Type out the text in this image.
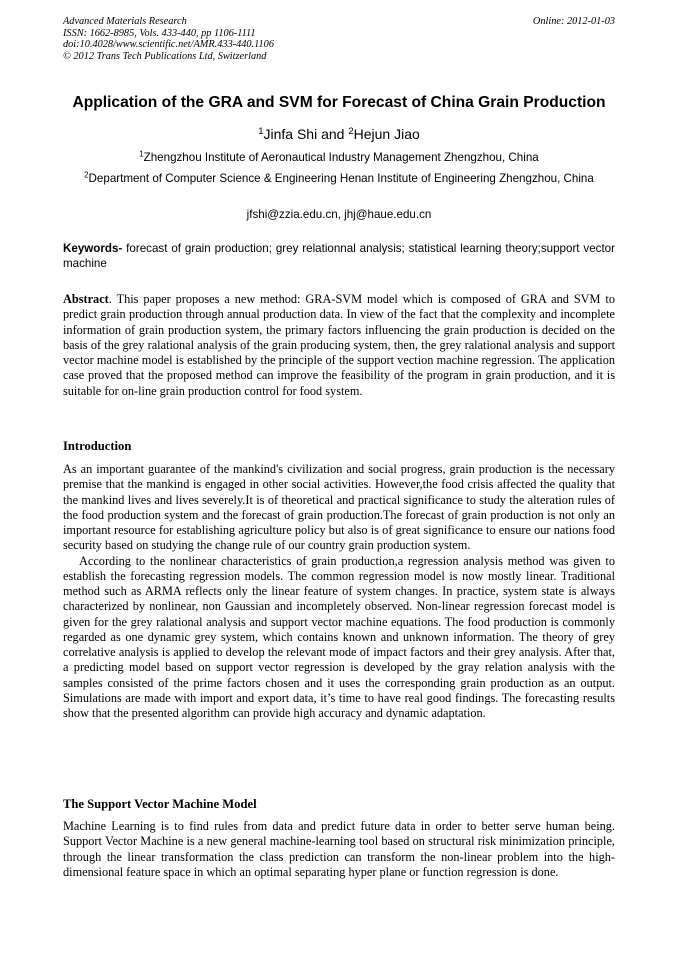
Advanced Materials Research
ISSN: 1662-8985, Vols. 433-440, pp 1106-1111
doi:10.4028/www.scientific.net/AMR.433-440.1106
© 2012 Trans Tech Publications Ltd, Switzerland
Online: 2012-01-03
Application of the GRA and SVM for Forecast of China Grain Production
$^1$Jinfa Shi and $^2$Hejun Jiao
$^1$Zhengzhou Institute of Aeronautical Industry Management Zhengzhou, China
$^2$Department of Computer Science & Engineering Henan Institute of Engineering Zhengzhou, China
jfshi@zzia.edu.cn, jhj@haue.edu.cn
Keywords- forecast of grain production; grey relationnal analysis; statistical learning theory;support vector machine
Abstract. This paper proposes a new method: GRA-SVM model which is composed of GRA and SVM to predict grain production through annual production data. In view of the fact that the complexity and incomplete information of grain production system, the primary factors influencing the grain production is decided on the basis of the grey ralational analysis of the grain producing system, then, the grey ralational analysis and support vector machine model is established by the principle of the support vection machine regression. The application case proved that the proposed method can improve the feasibility of the program in grain production, and it is suitable for on-line grain production control for food system.
Introduction

As an important guarantee of the mankind's civilization and social progress, grain production is the necessary premise that the mankind is engaged in other social activities. However,the food crisis affected the quality that the mankind lives and lives severely.It is of theoretical and practical significance to study the alteration rules of the food production system and the forecast of grain production.The forecast of grain production is not only an important resource for establishing agriculture policy but also is of great significance to ensure our nations food security based on studying the change rule of our country grain production system.

According to the nonlinear characteristics of grain production,a regression analysis method was given to establish the forecasting regression models. The common regression model is now mostly linear. Traditional method such as ARMA reflects only the linear feature of system changes. In practice, system state is always characterized by nonlinear, non Gaussian and incompletely observed. Non-linear regression forecast model is given for the grey ralational analysis and support vector machine equations. The food production is commonly regarded as one dynamic grey system, which contains known and unknown information. The theory of grey correlative analysis is applied to develop the relevant mode of impact factors and their grey analysis. After that, a predicting model based on support vector regression is developed by the gray relation analysis with the samples consisted of the prime factors chosen and it uses the corresponding grain production as an output. Simulations are made with import and export data, it’s time to have real good findings. The forecasting results show that the presented algorithm can provide high accuracy and dynamic adaptation.

The Support Vector Machine Model
Machine Learning is to find rules from data and predict future data in order to better serve human being. Support Vector Machine is a new general machine-learning tool based on structural risk minimization principle, through the linear transformation the class prediction can transform the non-linear problem into the high-dimensional feature space in which an optimal separating hyper plane or function regression is done.
